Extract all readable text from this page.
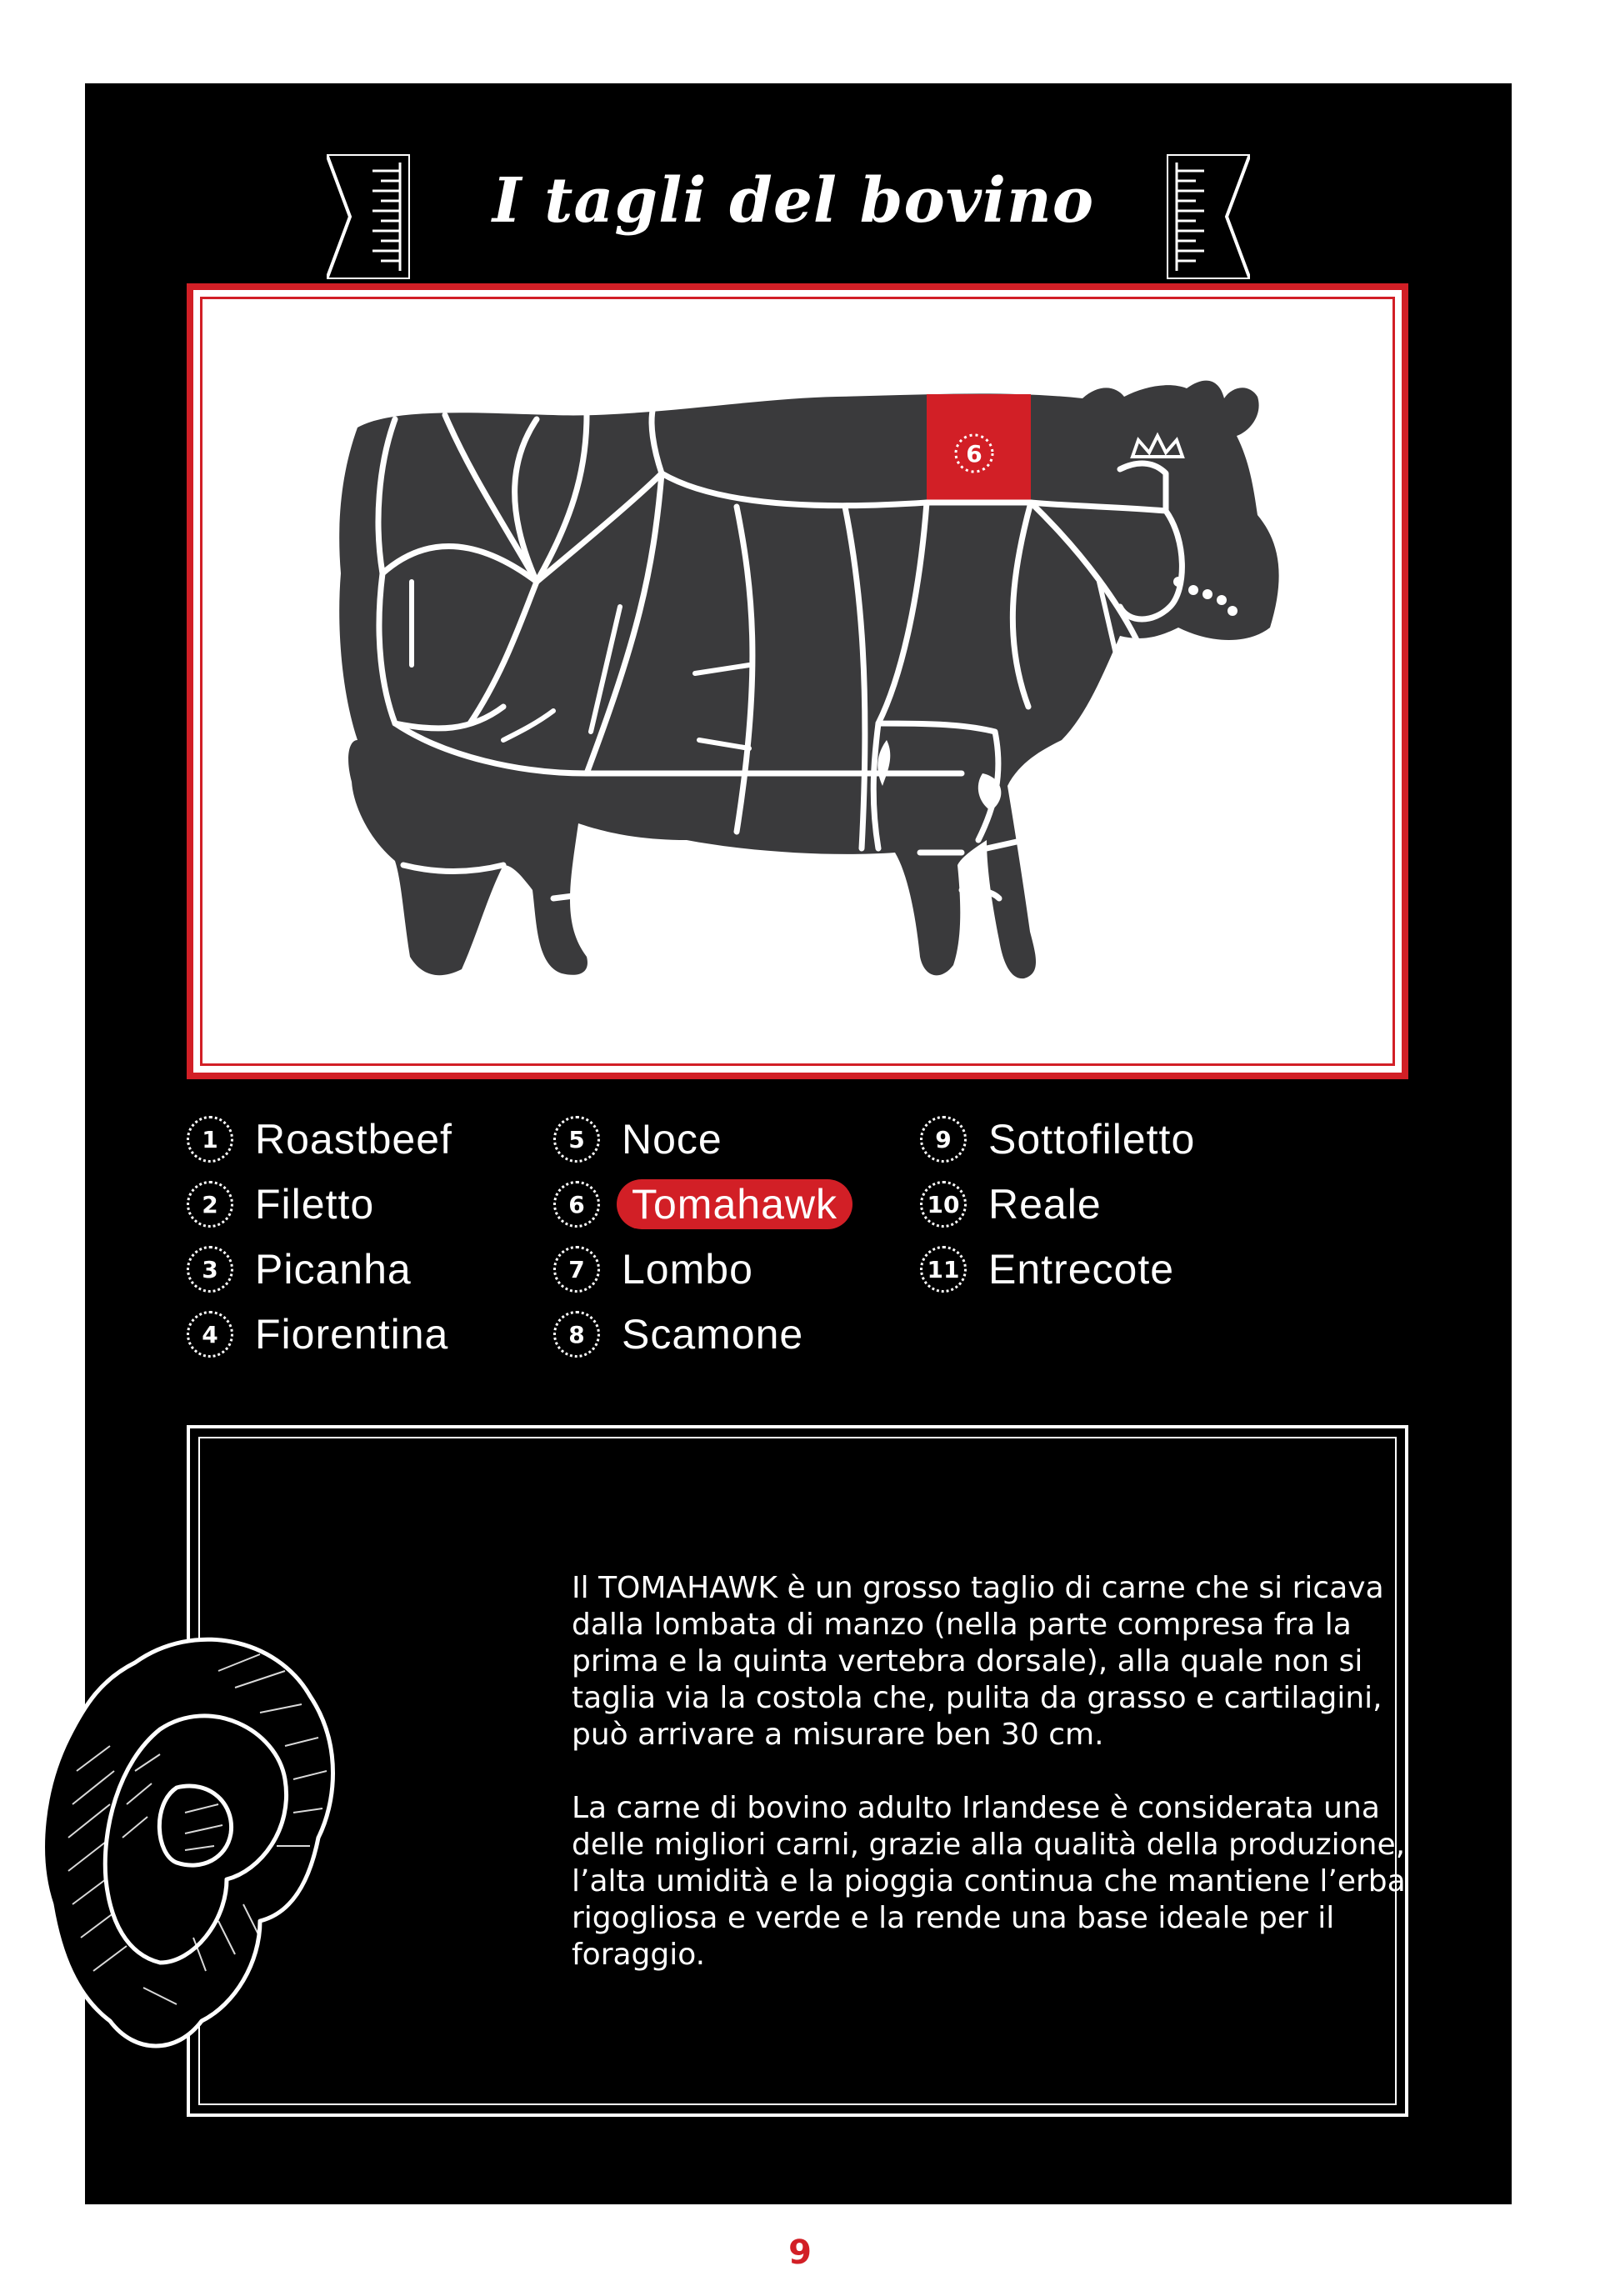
I tagli del bovino
6
1 Roastbeef
2 Filetto
3 Picanha
4 Fiorentina
5 Noce
6	Tomahawk
7 Lombo
8 Scamone
9 Sottofiletto
10 Reale
11 Entrecote

Il TOMAHAWK è un grosso taglio di carne che si ricava dalla lombata di manzo (nella parte compresa fra la prima e la quinta vertebra dorsale), alla quale non si taglia via la costola che, pulita da grasso e cartilagini, può arrivare a misurare ben 30 cm.

La carne di bovino adulto Irlandese è considerata una delle migliori carni, grazie alla qualità della produzione, l’alta umidità e la pioggia continua che mantiene l’erba rigogliosa e verde e la rende una base ideale per il foraggio.

9
